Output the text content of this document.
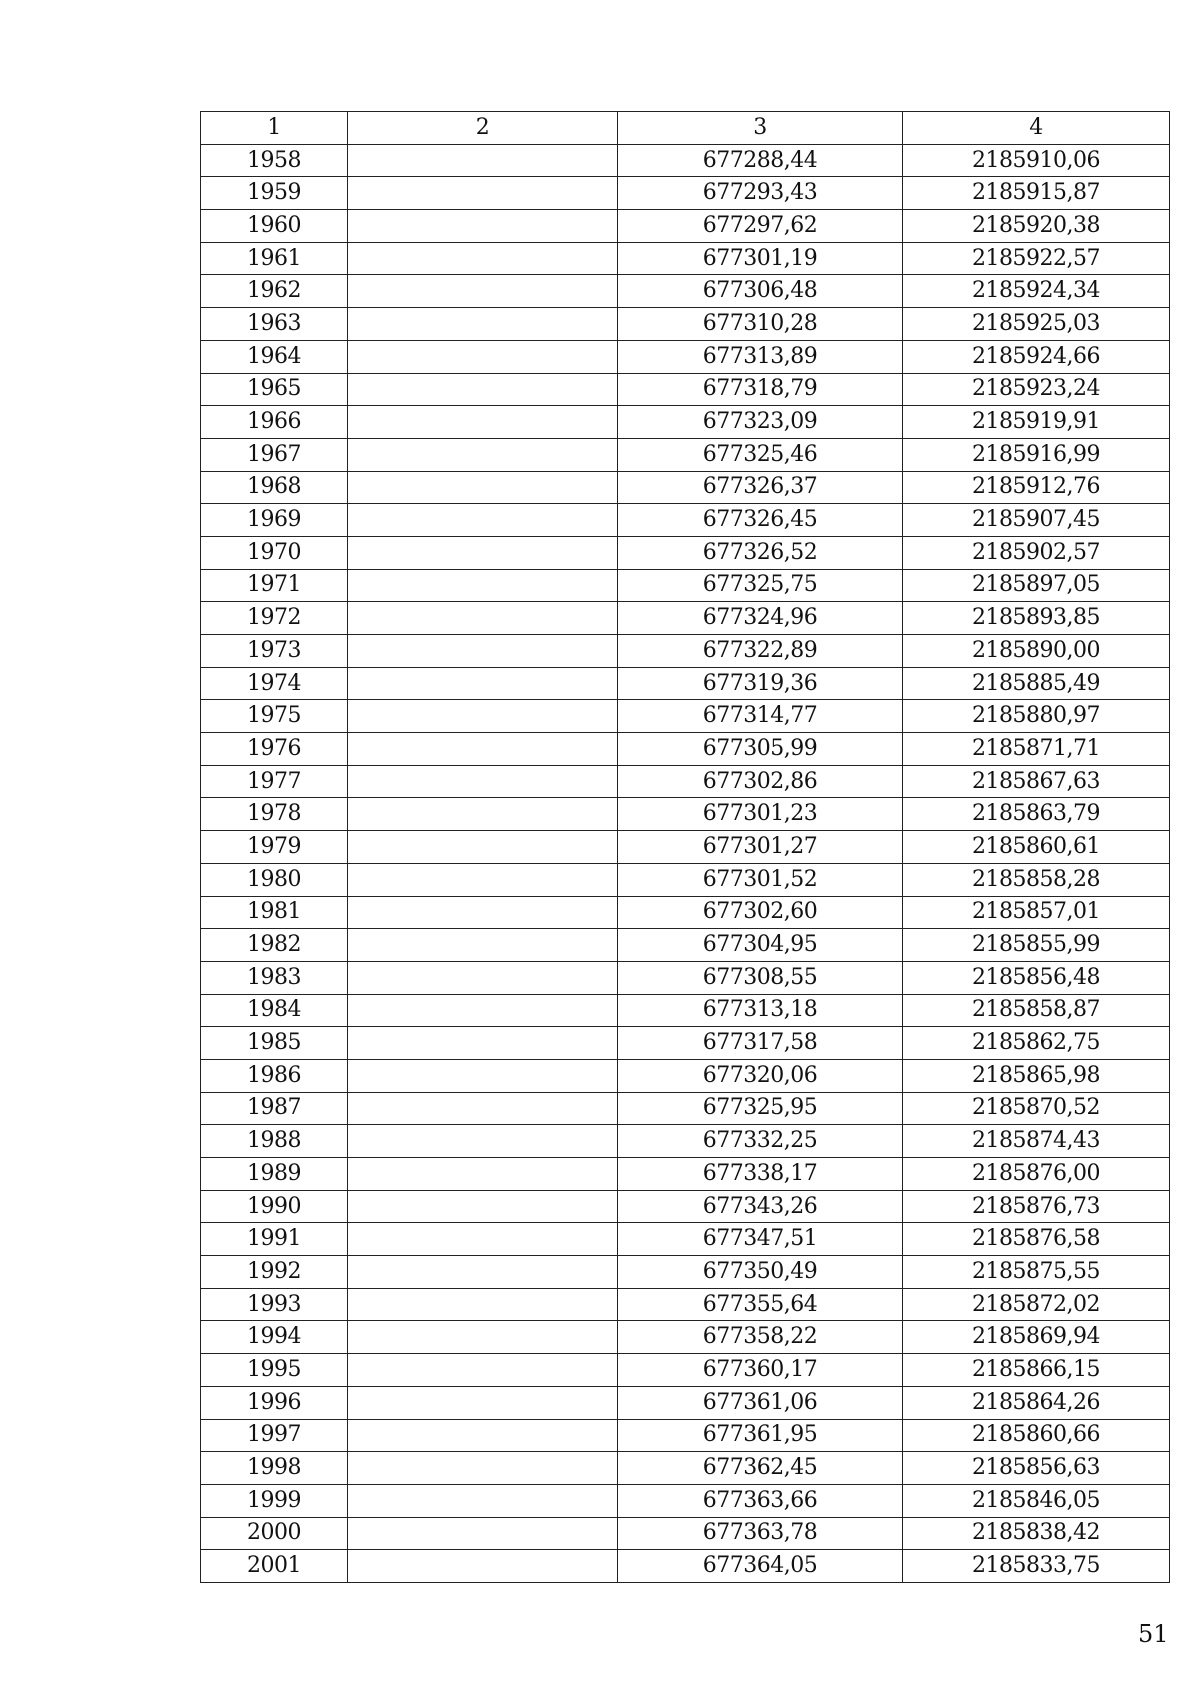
1	2	3	4
1958		677288,44	2185910,06
1959		677293,43	2185915,87
1960		677297,62	2185920,38
1961		677301,19	2185922,57
1962		677306,48	2185924,34
1963		677310,28	2185925,03
1964		677313,89	2185924,66
1965		677318,79	2185923,24
1966		677323,09	2185919,91
1967		677325,46	2185916,99
1968		677326,37	2185912,76
1969		677326,45	2185907,45
1970		677326,52	2185902,57
1971		677325,75	2185897,05
1972		677324,96	2185893,85
1973		677322,89	2185890,00
1974		677319,36	2185885,49
1975		677314,77	2185880,97
1976		677305,99	2185871,71
1977		677302,86	2185867,63
1978		677301,23	2185863,79
1979		677301,27	2185860,61
1980		677301,52	2185858,28
1981		677302,60	2185857,01
1982		677304,95	2185855,99
1983		677308,55	2185856,48
1984		677313,18	2185858,87
1985		677317,58	2185862,75
1986		677320,06	2185865,98
1987		677325,95	2185870,52
1988		677332,25	2185874,43
1989		677338,17	2185876,00
1990		677343,26	2185876,73
1991		677347,51	2185876,58
1992		677350,49	2185875,55
1993		677355,64	2185872,02
1994		677358,22	2185869,94
1995		677360,17	2185866,15
1996		677361,06	2185864,26
1997		677361,95	2185860,66
1998		677362,45	2185856,63
1999		677363,66	2185846,05
2000		677363,78	2185838,42
2001		677364,05	2185833,75
51
